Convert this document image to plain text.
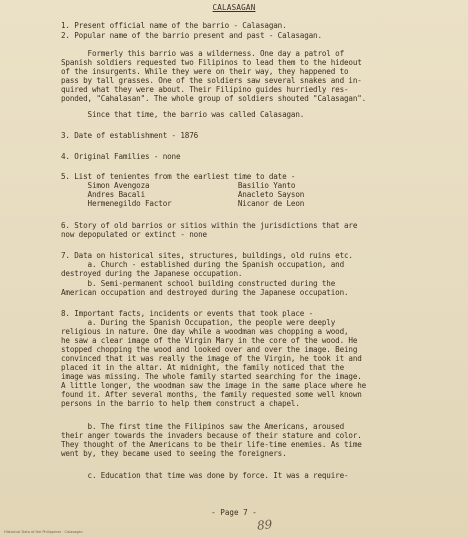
CALASAGAN
1. Present official name of the barrio - Calasagan.
2. Popular name of the barrio present and past - Calasagan.
Formerly this barrio was a wilderness. One day a patrol of
Spanish soldiers requested two Filipinos to lead them to the hideout
of the insurgents. While they were on their way, they happened to
pass by tall grasses. One of the soldiers saw several snakes and in-
quired what they were about. Their Filipino guides hurriedly res-
ponded, "Cahalasan". The whole group of soldiers shouted "Calasagan".
Since that time, the barrio was called Calasagan.
3. Date of establishment - 1876
4. Original Families - none
5. List of tenientes from the earliest time to date -
Simon Avengoza                    Basilio Yanto
Andres Bacali                     Anacleto Sayson
Hermenegildo Factor               Nicanor de Leon
6. Story of old barrios or sitios within the jurisdictions that are
now depopulated or extinct - none
7. Data on historical sites, structures, buildings, old ruins etc.
a. Church - established during the Spanish occupation, and
destroyed during the Japanese occupation.
b. Semi-permanent school building constructed during the
American occupation and destroyed during the Japanese occupation.
8. Important facts, incidents or events that took place -
a. During the Spanish Occupation, the people were deeply
religious in nature. One day while a woodman was chopping a wood,
he saw a clear image of the Virgin Mary in the core of the wood. He
stopped chopping the wood and looked over and over the image. Being
convinced that it was really the image of the Virgin, he took it and
placed it in the altar. At midnight, the family noticed that the
image was missing. The whole family started searching for the image.
A little longer, the woodman saw the image in the same place where he
found it. After several months, the family requested some well known
persons in the barrio to help them construct a chapel.
b. The first time the Filipinos saw the Americans, aroused
their anger towards the invaders because of their stature and color.
They thought of the Americans to be their life-time enemies. As time
went by, they became used to seeing the foreigners.
c. Education that time was done by force. It was a require-
- Page 7 -
89
Historical Data of the Philippines · Calasagan
